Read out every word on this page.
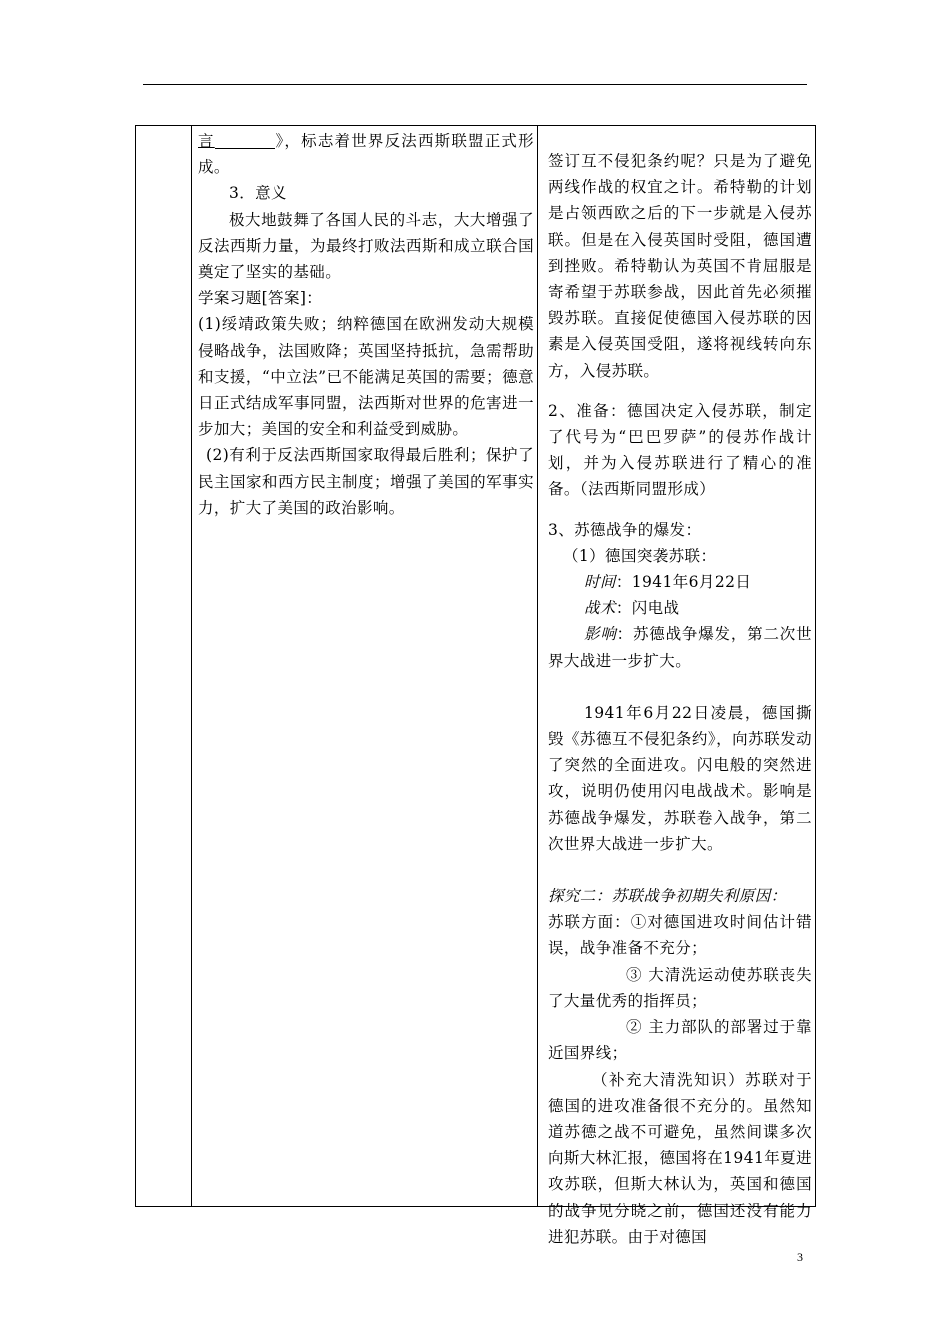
言	》，标志着世界反法西斯联盟正式形成。

3．意义

极大地鼓舞了各国人民的斗志，大大增强了反法西斯力量，为最终打败法西斯和成立联合国奠定了坚实的基础。

学案习题[答案]：

(1)绥靖政策失败；纳粹德国在欧洲发动大规模侵略战争，法国败降；英国坚持抵抗，急需帮助和支援，“中立法”已不能满足英国的需要；德意日正式结成军事同盟，法西斯对世界的危害进一步加大；美国的安全和利益受到威胁。

(2)有利于反法西斯国家取得最后胜利；保护了民主国家和西方民主制度；增强了美国的军事实力，扩大了美国的政治影响。

签订互不侵犯条约呢？只是为了避免两线作战的权宜之计。希特勒的计划是占领西欧之后的下一步就是入侵苏联。但是在入侵英国时受阻，德国遭到挫败。希特勒认为英国不肯屈服是寄希望于苏联参战，因此首先必须摧毁苏联。直接促使德国入侵苏联的因素是入侵英国受阻，遂将视线转向东方，入侵苏联。

2、准备：德国决定入侵苏联，制定了代号为“巴巴罗萨”的侵苏作战计划，并为入侵苏联进行了精心的准备。（法西斯同盟形成）

3、苏德战争的爆发：

（1）德国突袭苏联：

时间：1941年6月22日

战术：闪电战

影响：苏德战争爆发，第二次世界大战进一步扩大。

1941年6月22日凌晨，德国撕毁《苏德互不侵犯条约》，向苏联发动了突然的全面进攻。闪电般的突然进攻，说明仍使用闪电战战术。影响是苏德战争爆发，苏联卷入战争，第二次世界大战进一步扩大。

探究二：苏联战争初期失利原因：

苏联方面：①对德国进攻时间估计错误，战争准备不充分；

③ 大清洗运动使苏联丧失了大量优秀的指挥员；

② 主力部队的部署过于靠近国界线；

（补充大清洗知识）苏联对于德国的进攻准备很不充分的。虽然知道苏德之战不可避免，虽然间谍多次向斯大林汇报，德国将在1941年夏进攻苏联，但斯大林认为，英国和德国的战争见分晓之前，德国还没有能力进犯苏联。由于对德国

3
